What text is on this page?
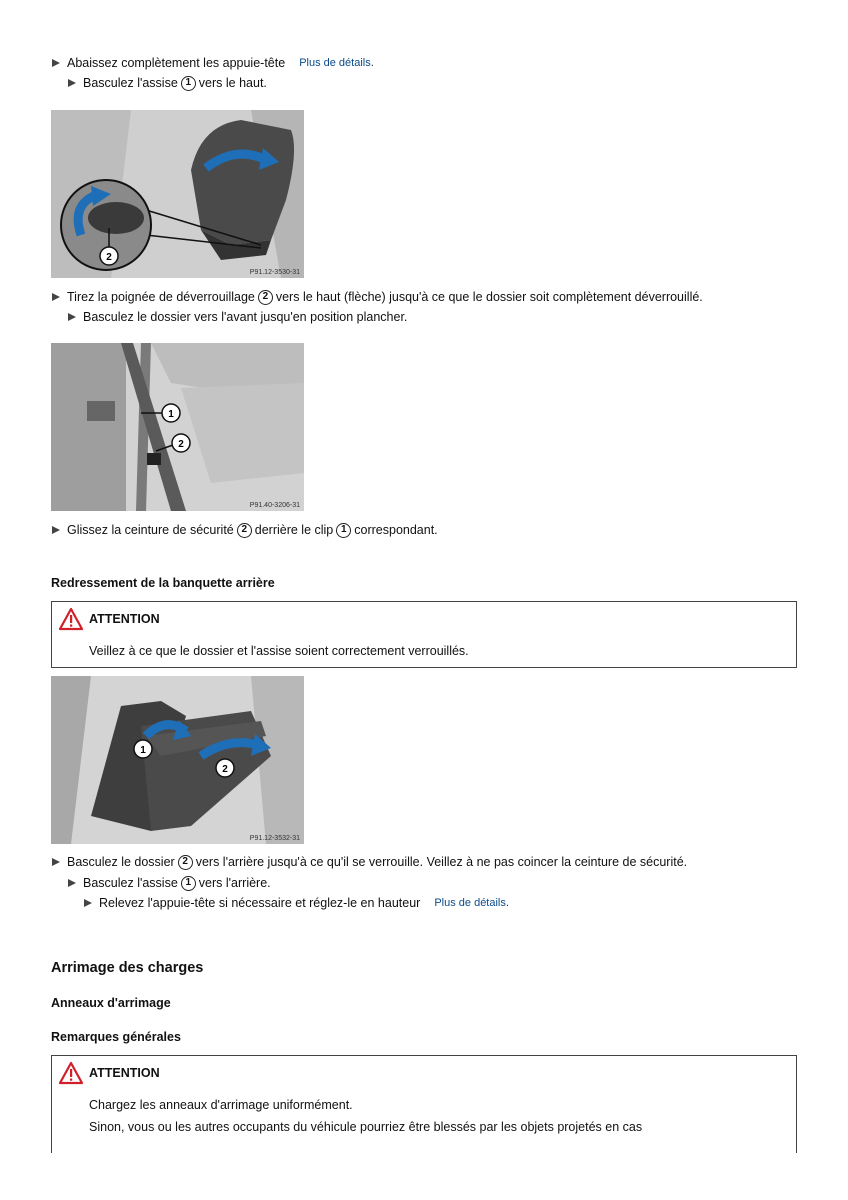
Abaissez complètement les appuie-tête Plus de détails .
Basculez l'assise 1 vers le haut.
2
P91.12-3530-31
Tirez la poignée de déverrouillage 2 vers le haut (flèche) jusqu'à ce que le dossier soit complètement déverrouillé.
Basculez le dossier vers l'avant jusqu'en position plancher.
1
2
P91.40-3206-31
Glissez la ceinture de sécurité 2 derrière le clip 1 correspondant.
Redressement de la banquette arrière
ATTENTION
Veillez à ce que le dossier et l'assise soient correctement verrouillés.
1
2
P91.12-3532-31
Basculez le dossier 2 vers l'arrière jusqu'à ce qu'il se verrouille. Veillez à ne pas coincer la ceinture de sécurité.
Basculez l'assise 1 vers l'arrière.
Relevez l'appuie-tête si nécessaire et réglez-le en hauteur Plus de détails .
Arrimage des charges
Anneaux d'arrimage
Remarques générales
ATTENTION
Chargez les anneaux d'arrimage uniformément.
Sinon, vous ou les autres occupants du véhicule pourriez être blessés par les objets projetés en cas
